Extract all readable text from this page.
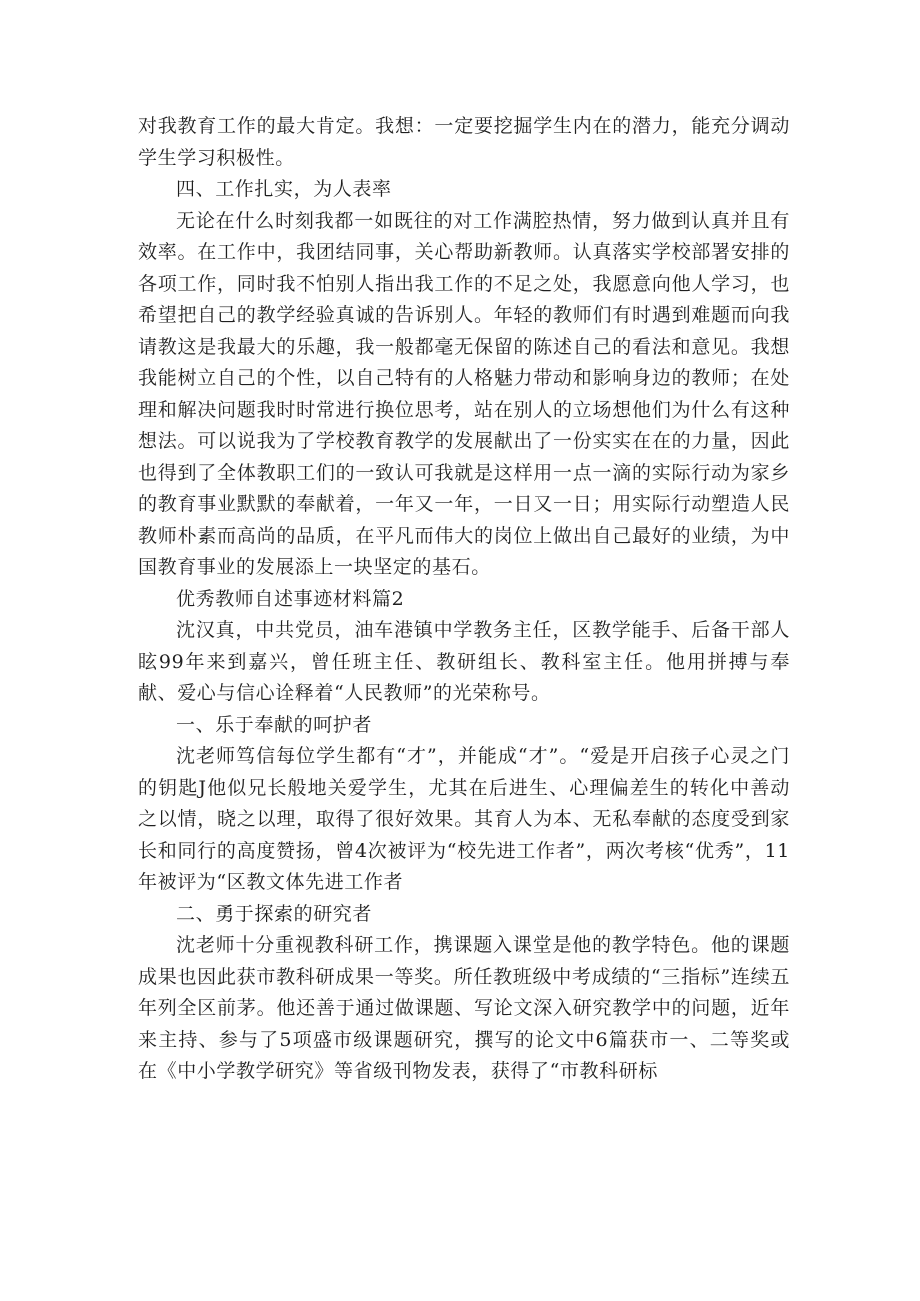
对我教育工作的最大肯定。我想：一定要挖掘学生内在的潜力，能充分调动学生学习积极性。

四、工作扎实，为人表率

无论在什么时刻我都一如既往的对工作满腔热情，努力做到认真并且有效率。在工作中，我团结同事，关心帮助新教师。认真落实学校部署安排的各项工作，同时我不怕别人指出我工作的不足之处，我愿意向他人学习，也希望把自己的教学经验真诚的告诉别人。年轻的教师们有时遇到难题而向我请教这是我最大的乐趣，我一般都毫无保留的陈述自己的看法和意见。我想我能树立自己的个性，以自己特有的人格魅力带动和影响身边的教师；在处理和解决问题我时时常进行换位思考，站在别人的立场想他们为什么有这种想法。可以说我为了学校教育教学的发展献出了一份实实在在的力量，因此也得到了全体教职工们的一致认可我就是这样用一点一滴的实际行动为家乡的教育事业默默的奉献着，一年又一年，一日又一日；用实际行动塑造人民教师朴素而高尚的品质，在平凡而伟大的岗位上做出自己最好的业绩，为中国教育事业的发展添上一块坚定的基石。

优秀教师自述事迹材料篇2

沈汉真，中共党员，油车港镇中学教务主任，区教学能手、后备干部人眩99年来到嘉兴，曾任班主任、教研组长、教科室主任。他用拼搏与奉献、爱心与信心诠释着“人民教师”的光荣称号。

一、乐于奉献的呵护者

沈老师笃信每位学生都有“才”，并能成“才”。“爱是开启孩子心灵之门的钥匙J他似兄长般地关爱学生，尤其在后进生、心理偏差生的转化中善动之以情，晓之以理，取得了很好效果。其育人为本、无私奉献的态度受到家长和同行的高度赞扬，曾4次被评为“校先进工作者”，两次考核“优秀”，11年被评为“区教文体先进工作者

二、勇于探索的研究者

沈老师十分重视教科研工作，携课题入课堂是他的教学特色。他的课题成果也因此获市教科研成果一等奖。所任教班级中考成绩的“三指标”连续五年列全区前茅。他还善于通过做课题、写论文深入研究教学中的问题，近年来主持、参与了5项盛市级课题研究，撰写的论文中6篇获市一、二等奖或在《中小学教学研究》等省级刊物发表，获得了“市教科研标
